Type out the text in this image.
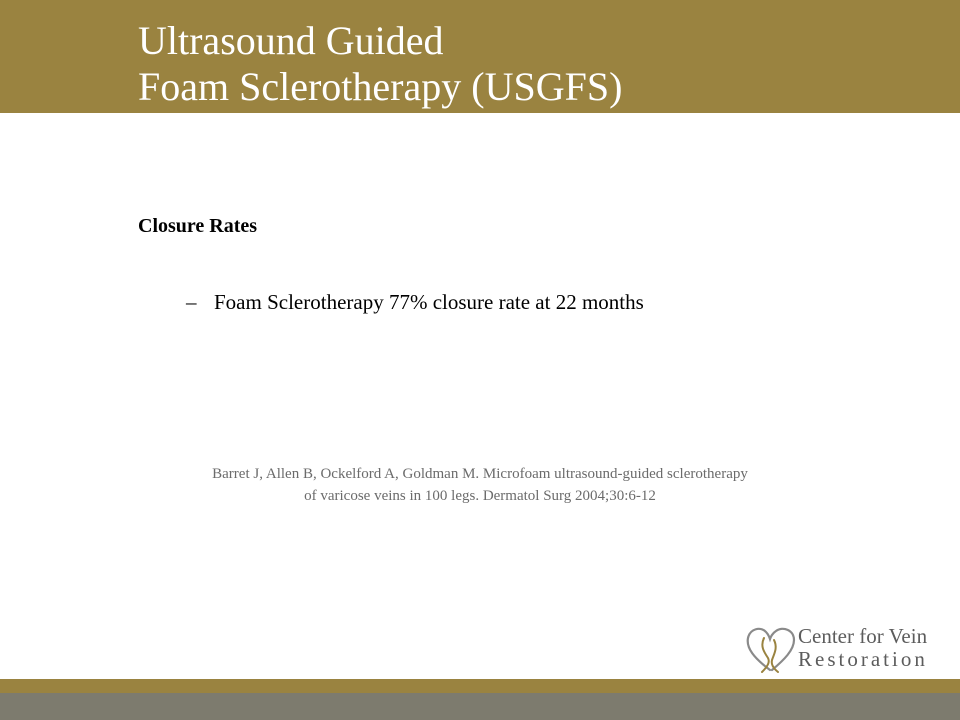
Ultrasound Guided
Foam Sclerotherapy (USGFS)
Closure Rates
– Foam Sclerotherapy 77% closure rate at 22 months
Barret J, Allen B, Ockelford A, Goldman M. Microfoam ultrasound-guided sclerotherapy
of varicose veins in 100 legs. Dermatol Surg 2004;30:6-12
Center for Vein
Restoration
